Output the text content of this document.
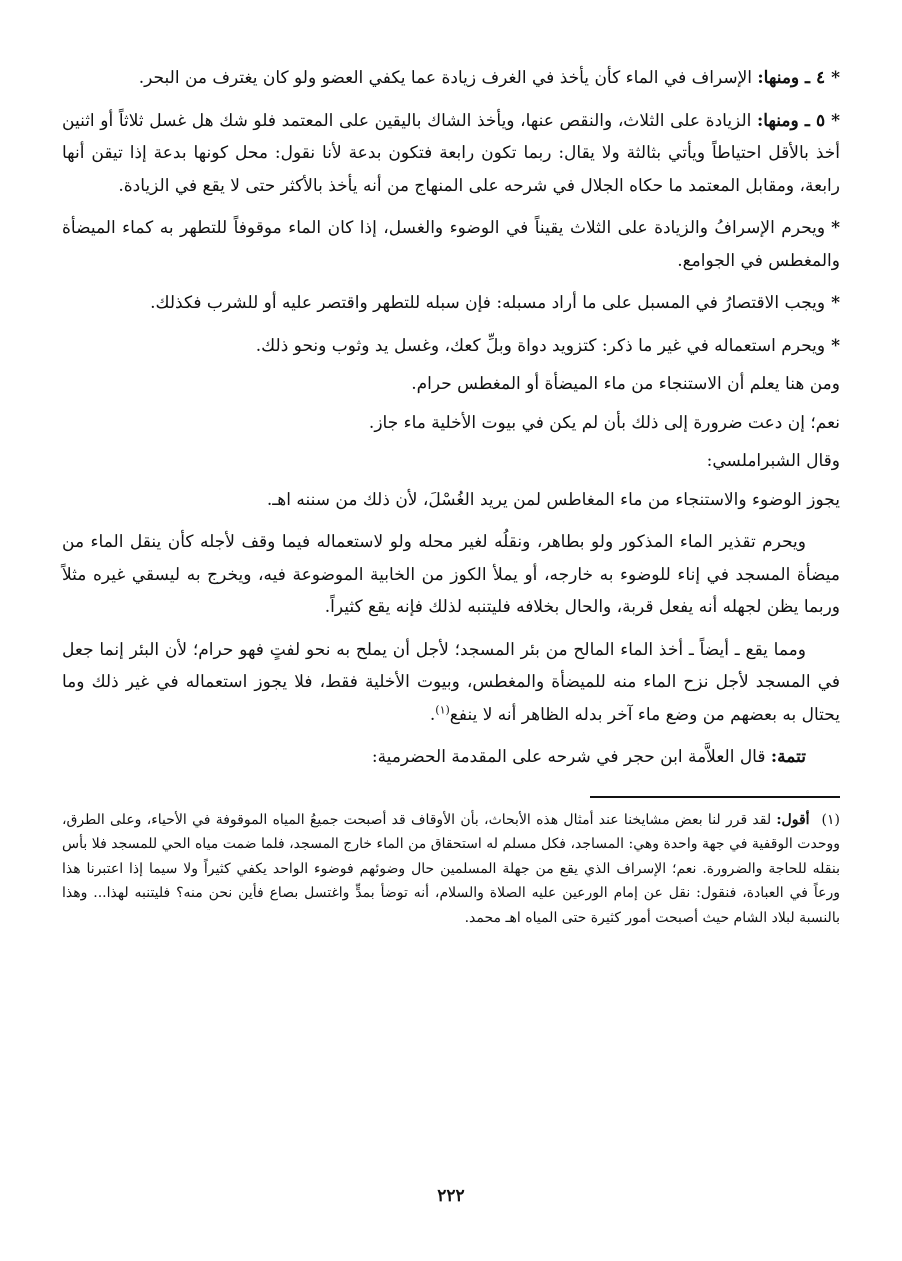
*٤ ـ ومنها: الإسراف في الماء كأن يأخذ في الغرف زيادة عما يكفي العضو ولو كان يغترف من البحر.

*٥ ـ ومنها: الزيادة على الثلاث، والنقص عنها، ويأخذ الشاك باليقين على المعتمد فلو شك هل غسل ثلاثاً أو اثنين أخذ بالأقل احتياطاً ويأتي بثالثة ولا يقال: ربما تكون رابعة فتكون بدعة لأنا نقول: محل كونها بدعة إذا تيقن أنها رابعة، ومقابل المعتمد ما حكاه الجلال في شرحه على المنهاج من أنه يأخذ بالأكثر حتى لا يقع في الزيادة.

*ويحرم الإسرافُ والزيادة على الثلاث يقيناً في الوضوء والغسل، إذا كان الماء موقوفاً للتطهر به كماء الميضأة والمغطس في الجوامع.

*ويجب الاقتصارُ في المسبل على ما أراد مسبله: فإن سبله للتطهر واقتصر عليه أو للشرب فكذلك.

*ويحرم استعماله في غير ما ذكر: كتزويد دواة وبلِّ كعك، وغسل يد وثوب ونحو ذلك.

ومن هنا يعلم أن الاستنجاء من ماء الميضأة أو المغطس حرام.

نعم؛ إن دعت ضرورة إلى ذلك بأن لم يكن في بيوت الأخلية ماء جاز.

وقال الشبراملسي:

يجوز الوضوء والاستنجاء من ماء المغاطس لمن يريد الغُسْلَ، لأن ذلك من سننه اهـ.

ويحرم تقذير الماء المذكور ولو بطاهر، ونقلُه لغير محله ولو لاستعماله فيما وقف لأجله كأن ينقل الماء من ميضأة المسجد في إناء للوضوء به خارجه، أو يملأ الكوز من الخابية الموضوعة فيه، ويخرج به ليسقي غيره مثلاً وربما يظن لجهله أنه يفعل قربة، والحال بخلافه فليتنبه لذلك فإنه يقع كثيراً.

ومما يقع ـ أيضاً ـ أخذ الماء المالح من بئر المسجد؛ لأجل أن يملح به نحو لفتٍ فهو حرام؛ لأن البئر إنما جعل في المسجد لأجل نزح الماء منه للميضأة والمغطس، وبيوت الأخلية فقط، فلا يجوز استعماله في غير ذلك وما يحتال به بعضهم من وضع ماء آخر بدله الظاهر أنه لا ينفع$^{(١)}$.

تتمة: قال العلاَّمة ابن حجر في شرحه على المقدمة الحضرمية:

(١)أقول: لقد قرر لنا بعض مشايخنا عند أمثال هذه الأبحاث، بأن الأوقاف قد أصبحت جميعُ المياه الموقوفة في الأحياء، وعلى الطرق، ووحدت الوقفية في جهة واحدة وهي: المساجد، فكل مسلم له استحقاق من الماء خارج المسجد، فلما ضمت مياه الحي للمسجد فلا بأس بنقله للحاجة والضرورة. نعم؛ الإسراف الذي يقع من جهلة المسلمين حال وضوئهم فوضوء الواحد يكفي كثيراً ولا سيما إذا اعتبرنا هذا ورعاً في العبادة، فنقول: نقل عن إمام الورعين عليه الصلاة والسلام، أنه توضأ بمدٍّ واغتسل بصاع فأين نحن منه؟ فليتنبه لهذا... وهذا بالنسبة لبلاد الشام حيث أصبحت أمور كثيرة حتى المياه اهـ محمد.

٢٢٢
